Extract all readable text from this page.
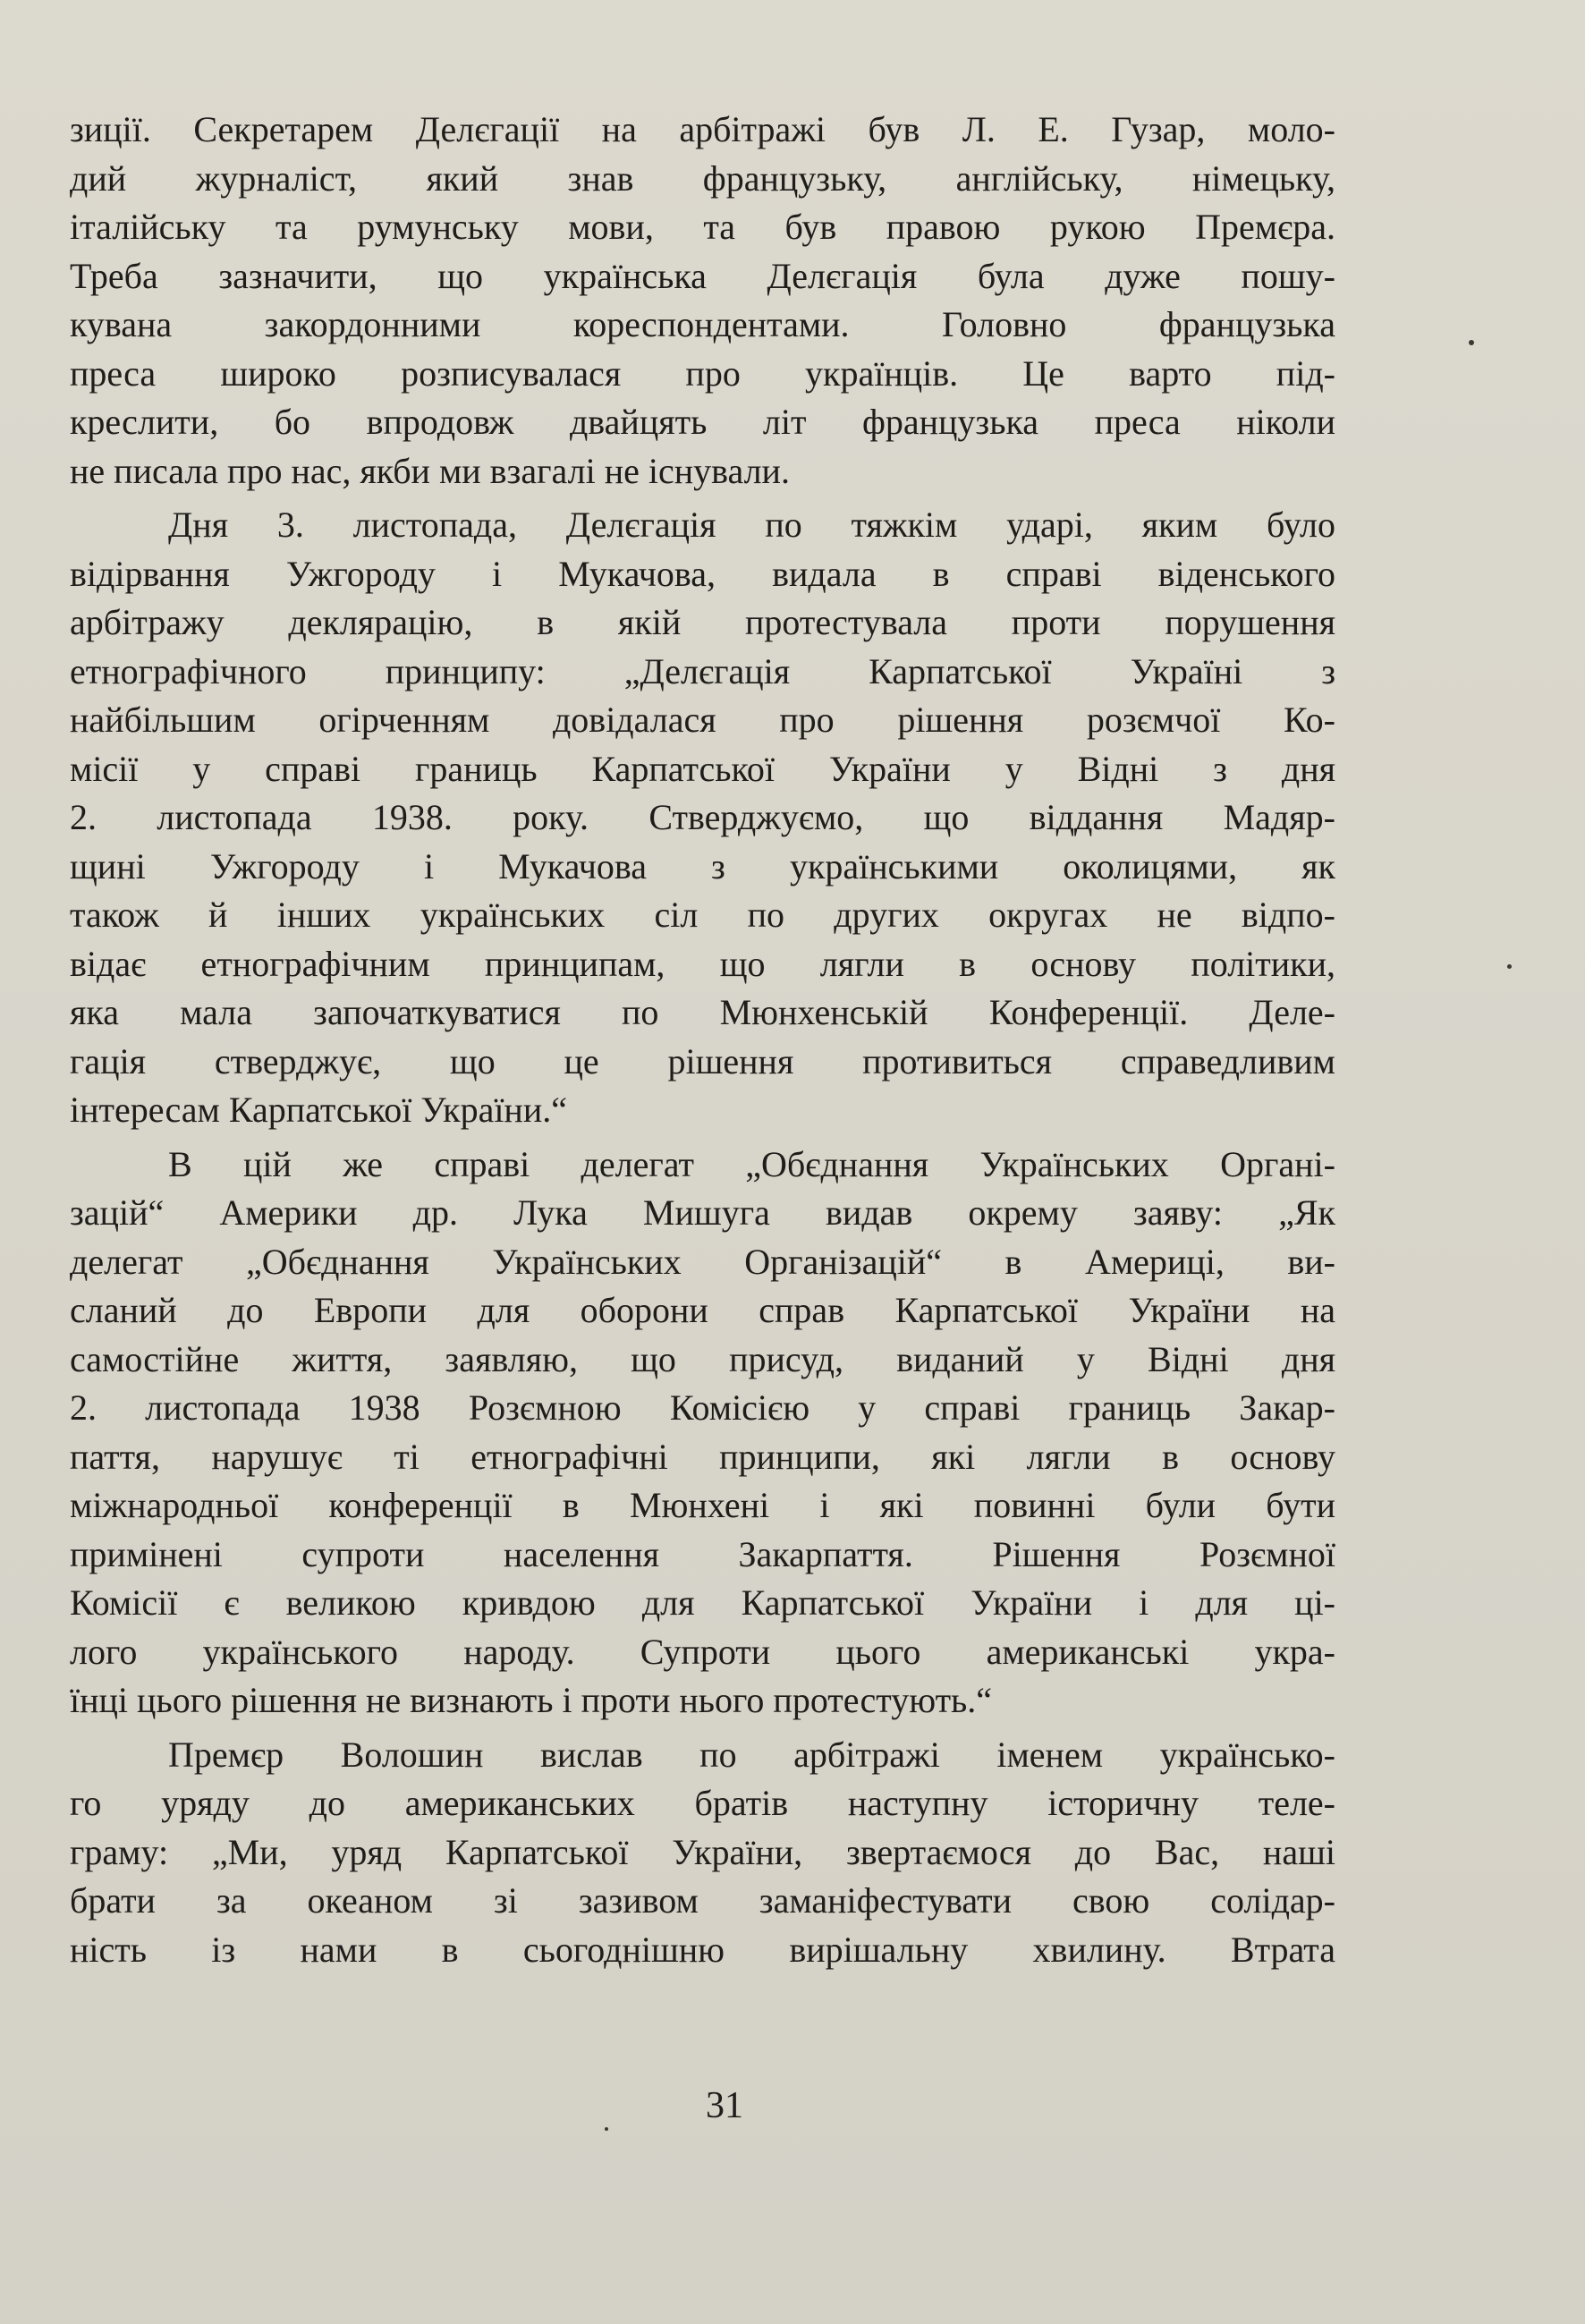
зиції. Секретарем Делєгації на арбітражі був Л. Е. Гузар, моло-
дий журналіст, який знав французьку, англійську, німецьку,
італійську та румунську мови, та був правою рукою Премєра.
Треба зазначити, що українська Делєгація була дуже пошу-
кувана закордонними кореспондентами. Головно французька
преса широко розписувалася про українців. Це варто під-
креслити, бо впродовж двайцять літ французька преса ніколи
не писала про нас, якби ми взагалі не існували.
Дня 3. листопада, Делєгація по тяжкім ударі, яким було
відірвання Ужгороду і Мукачова, видала в справі віденського
арбітражу деклярацію, в якій протестувала проти порушення
етнографічного принципу: „Делєгація Карпатської Україні з
найбільшим огірченням довідалася про рішення розємчої Ко-
місії у справі границь Карпатської України у Відні з дня
2. листопада 1938. року. Стверджуємо, що віддання Мадяр-
щині Ужгороду і Мукачова з українськими околицями, як
також й інших українських сіл по других округах не відпо-
відає етнографічним принципам, що лягли в основу політики,
яка мала започаткуватися по Мюнхенській Конференції. Деле-
гація стверджує, що це рішення противиться справедливим
інтересам Карпатської України.“
В цій же справі делегат „Обєднання Українських Органі-
зацій“ Америки др. Лука Мишуга видав окрему заяву: „Як
делегат „Обєднання Українських Організацій“ в Америці, ви-
сланий до Европи для оборони справ Карпатської України на
самостійне життя, заявляю, що присуд, виданий у Відні дня
2. листопада 1938 Розємною Комісією у справі границь Закар-
паття, нарушує ті етнографічні принципи, які лягли в основу
міжнародньої конференції в Мюнхені і які повинні були бути
примінені супроти населення Закарпаття. Рішення Розємної
Комісії є великою кривдою для Карпатської України і для ці-
лого українського народу. Супроти цього американські укра-
їнці цього рішення не визнають і проти нього протестують.“
Премєр Волошин вислав по арбітражі іменем українсько-
го уряду до американських братів наступну історичну теле-
граму: „Ми, уряд Карпатської України, звертаємося до Вас, наші
брати за океаном зі зазивом заманіфестувати свою солідар-
ність із нами в сьогоднішню вирішальну хвилину. Втрата
31
